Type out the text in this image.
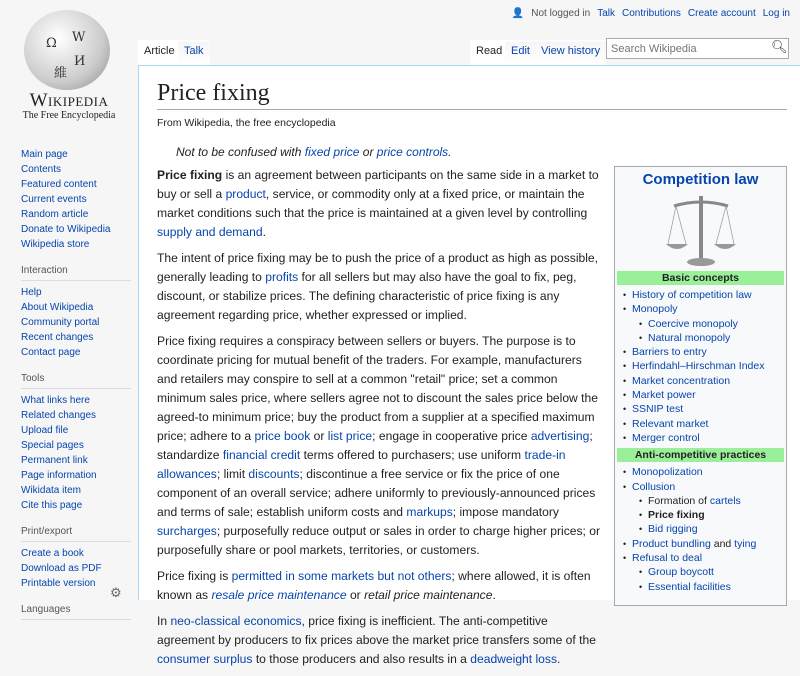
Ω W
И
維
Wikipedia
The Free Encyclopedia
Main page
Contents
Featured content
Current events
Random article
Donate to Wikipedia
Wikipedia store
Interaction
Help
About Wikipedia
Community portal
Recent changes
Contact page
Tools
What links here
Related changes
Upload file
Special pages
Permanent link
Page information
Wikidata item
Cite this page
Print/export
Create a book
Download as PDF
Printable version
Languages
⚙
👤 Not logged in Talk Contributions Create account Log in
Article Talk	Read Edit	View history
Search Wikipedia	🔍︎
Price fixing
From Wikipedia, the free encyclopedia
Not to be confused with fixed price or price controls.

Price fixing is an agreement between participants on the same side in a market to buy or sell a product, service, or commodity only at a fixed price, or maintain the market conditions such that the price is maintained at a given level by controlling supply and demand.

The intent of price fixing may be to push the price of a product as high as possible, generally leading to profits for all sellers but may also have the goal to fix, peg, discount, or stabilize prices. The defining characteristic of price fixing is any agreement regarding price, whether expressed or implied.

Price fixing requires a conspiracy between sellers or buyers. The purpose is to coordinate pricing for mutual benefit of the traders. For example, manufacturers and retailers may conspire to sell at a common "retail" price; set a common minimum sales price, where sellers agree not to discount the sales price below the agreed-to minimum price; buy the product from a supplier at a specified maximum price; adhere to a price book or list price; engage in cooperative price advertising; standardize financial credit terms offered to purchasers; use uniform trade-in allowances; limit discounts; discontinue a free service or fix the price of one component of an overall service; adhere uniformly to previously-announced prices and terms of sale; establish uniform costs and markups; impose mandatory surcharges; purposefully reduce output or sales in order to charge higher prices; or purposefully share or pool markets, territories, or customers.

Price fixing is permitted in some markets but not others; where allowed, it is often known as resale price maintenance or retail price maintenance.

In neo-classical economics, price fixing is inefficient. The anti-competitive agreement by producers to fix prices above the market price transfers some of the consumer surplus to those producers and also results in a deadweight loss.

Competition law
Basic concepts
• History of competition law
• Monopoly
• Coercive monopoly
• Natural monopoly
• Barriers to entry
• Herfindahl–Hirschman Index
• Market concentration
• Market power
• SSNIP test
• Relevant market
• Merger control
Anti-competitive practices
• Monopolization
• Collusion
• Formation of cartels
• Price fixing
• Bid rigging
• Product bundling and tying
• Refusal to deal
• Group boycott
• Essential facilities
